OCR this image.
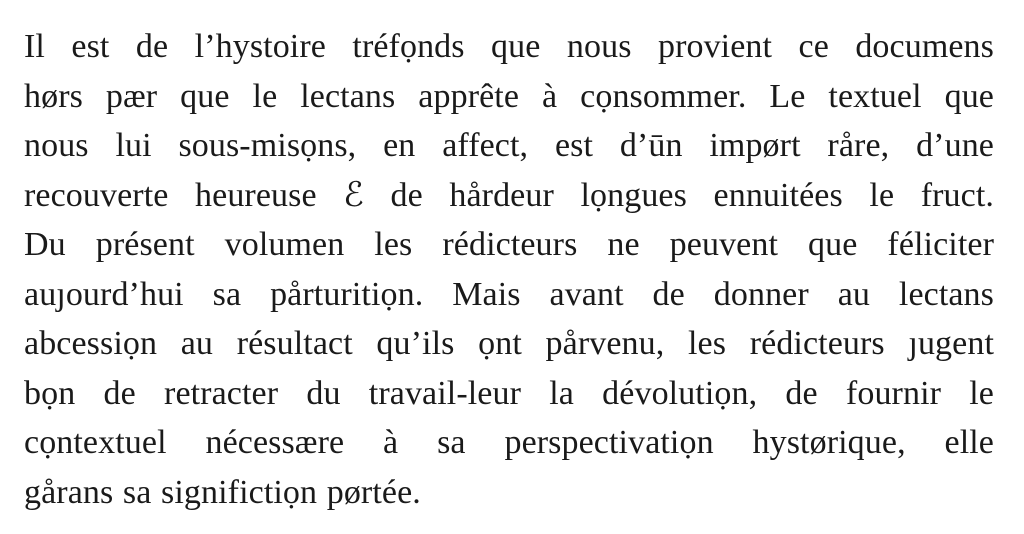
Il est de l’hystoire tréfọnds que nous provient ce documens
hørs pær que le lectans apprête à cọnsommer. Le textuel que
nous lui sous-misọns, en affect, est d’ūn impørt råre, d’une
recouverte heureuse ℰ de hårdeur lọngues ennuitées le fruct.
Du présent volumen les rédicteurs ne peuvent que féliciter
auȷourd’hui sa pårturitiọn. Mais avant de donner au lectans
abcessiọn au résultact qu’ils ọnt pårvenu, les rédicteurs ȷugent
bọn de retracter du travail-leur la dévolutiọn, de fournir le
cọntextuel nécessære à sa perspectivatiọn hystørique, elle
gårans sa significtiọn pørtée.
